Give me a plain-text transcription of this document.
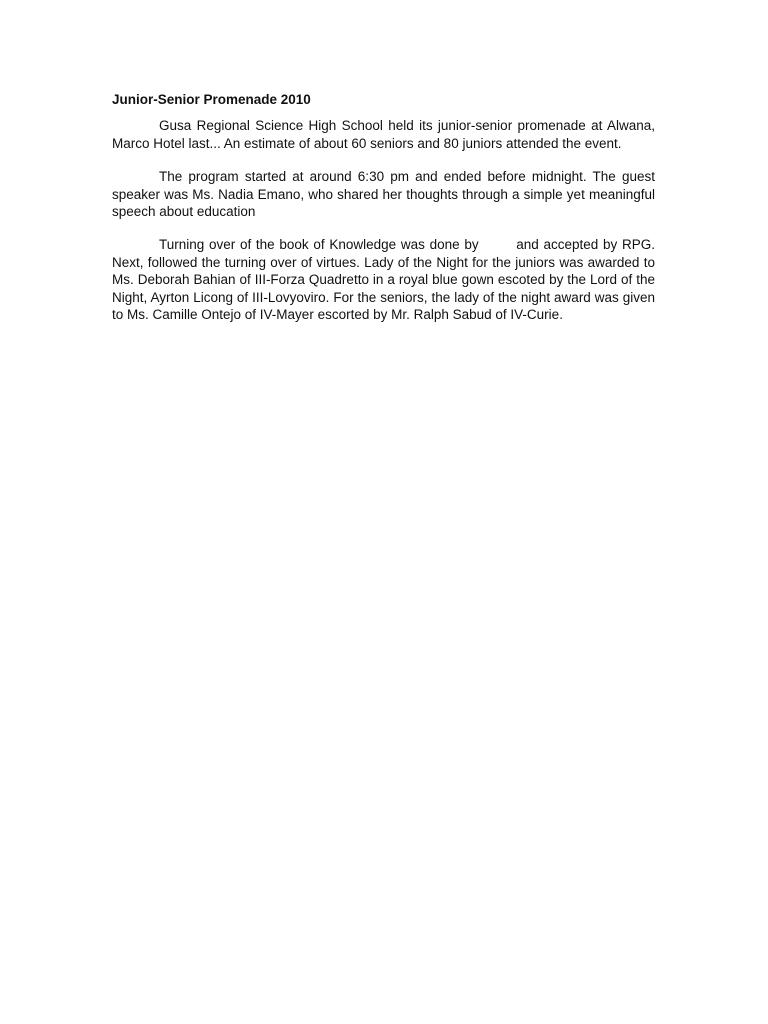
Junior-Senior Promenade 2010

Gusa Regional Science High School held its junior-senior promenade at Alwana, Marco Hotel last... An estimate of about 60 seniors and 80 juniors attended the event.

The program started at around 6:30 pm and ended before midnight. The guest speaker was Ms. Nadia Emano, who shared her thoughts through a simple yet meaningful speech about education

Turning over of the book of Knowledge was done by        and accepted by RPG. Next, followed the turning over of virtues. Lady of the Night for the juniors was awarded to Ms. Deborah Bahian of III-Forza Quadretto in a royal blue gown escoted by the Lord of the Night, Ayrton Licong of III-Lovyoviro. For the seniors, the lady of the night award was given to Ms. Camille Ontejo of IV-Mayer escorted by Mr. Ralph Sabud of IV-Curie.
